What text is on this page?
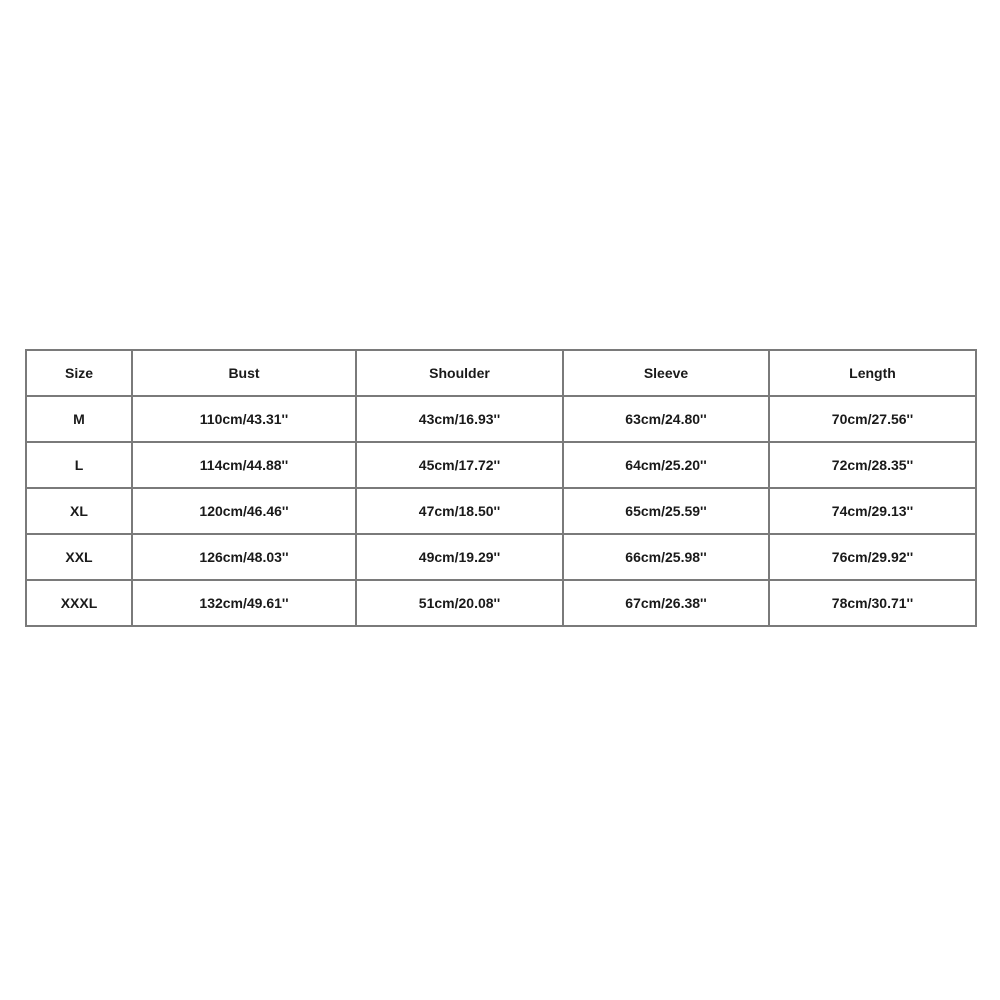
Size	Bust	Shoulder	Sleeve	Length
M	110cm/43.31''	43cm/16.93''	63cm/24.80''	70cm/27.56''
L	114cm/44.88''	45cm/17.72''	64cm/25.20''	72cm/28.35''
XL	120cm/46.46''	47cm/18.50''	65cm/25.59''	74cm/29.13''
XXL	126cm/48.03''	49cm/19.29''	66cm/25.98''	76cm/29.92''
XXXL	132cm/49.61''	51cm/20.08''	67cm/26.38''	78cm/30.71''
